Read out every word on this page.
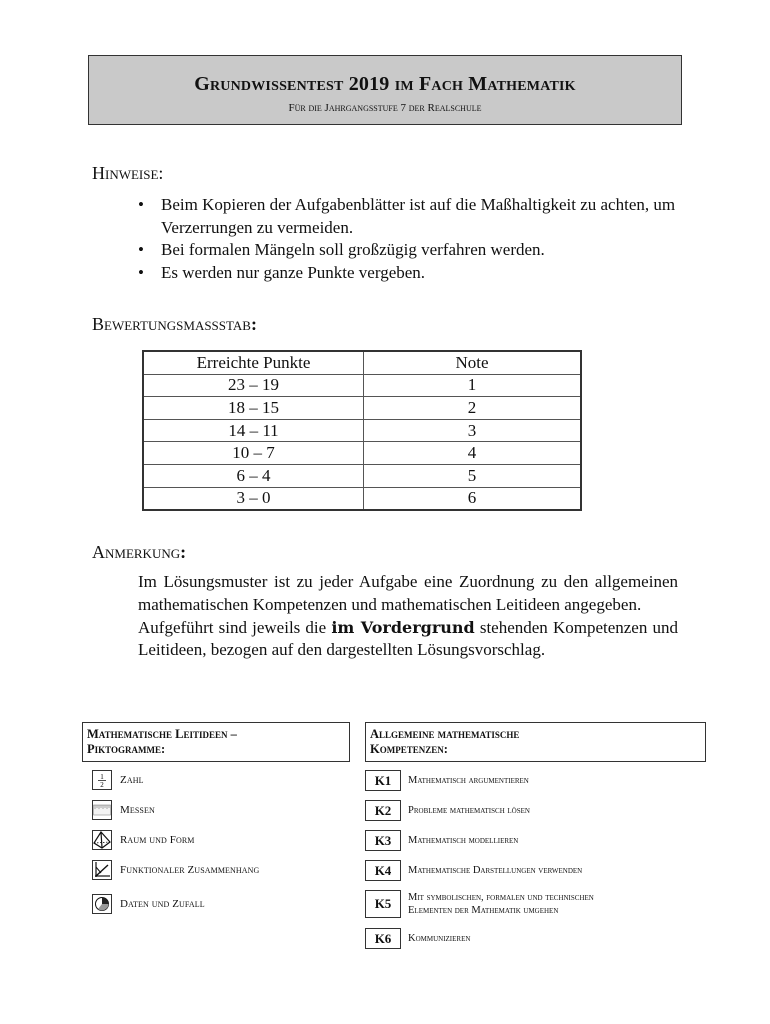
Grundwissentest 2019 im Fach Mathematik
Für die Jahrgangsstufe 7 der Realschule
Hinweise:
• Beim Kopieren der Aufgabenblätter ist auf die Maßhaltigkeit zu achten, um Verzerrungen zu vermeiden.
• Bei formalen Mängeln soll großzügig verfahren werden.
• Es werden nur ganze Punkte vergeben.
Bewertungsmaßstab:
Erreichte Punkte	Note
23 – 19	1
18 – 15	2
14 – 11	3
10 – 7	4
6 – 4	5
3 – 0	6
Anmerkung:
Im Lösungsmuster ist zu jeder Aufgabe eine Zuordnung zu den allgemeinen mathematischen Kompetenzen und mathematischen Leitideen angegeben.
Aufgeführt sind jeweils die im Vordergrund stehenden Kompetenzen und Leitideen, bezogen auf den dargestellten Lösungsvorschlag.
Mathematische Leitideen –
Piktogramme:
1
2 Zahl
Messen
Raum und Form
Funktionaler Zusammenhang
Daten und Zufall
Allgemeine mathematische
Kompetenzen:
K1	Mathematisch argumentieren
K2	Probleme mathematisch lösen
K3	Mathematisch modellieren
K4	Mathematische Darstellungen verwenden
K5	Mit symbolischen, formalen und technischen
Elementen der Mathematik umgehen
K6	Kommunizieren
